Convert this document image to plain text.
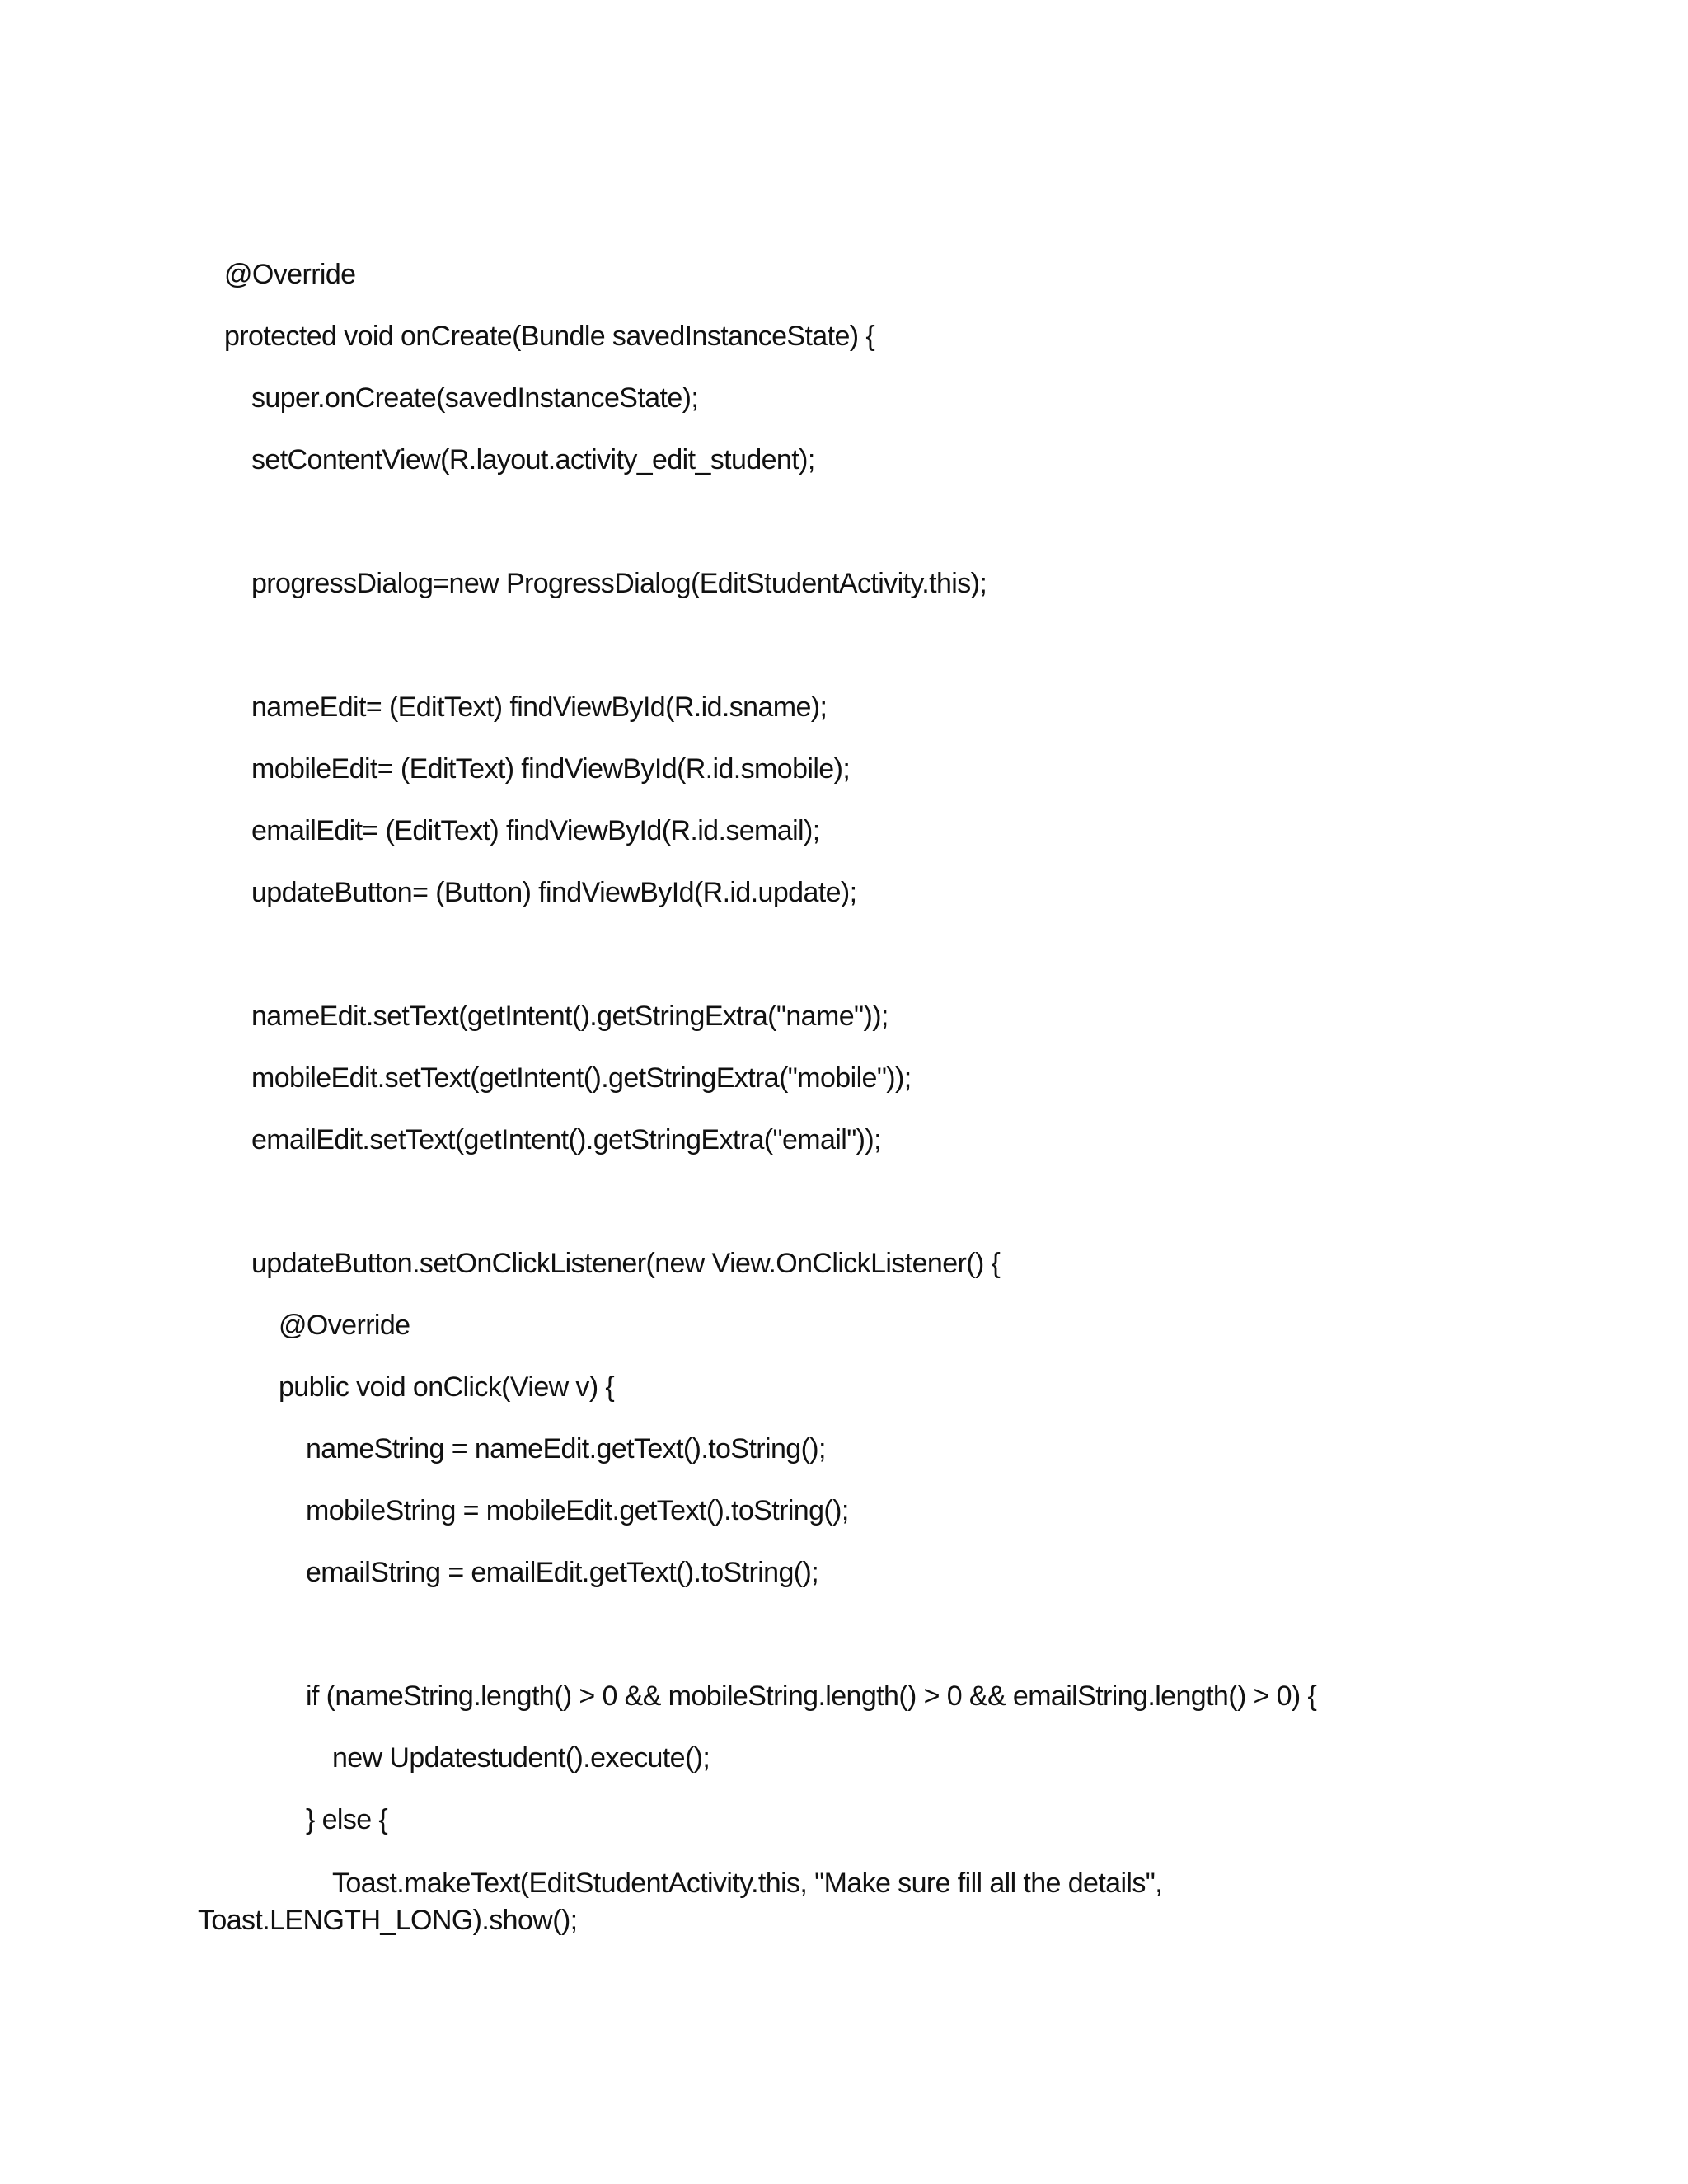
@Override

protected void onCreate(Bundle savedInstanceState) {

super.onCreate(savedInstanceState);

setContentView(R.layout.activity_edit_student);

progressDialog=new ProgressDialog(EditStudentActivity.this);

nameEdit= (EditText) findViewById(R.id.sname);

mobileEdit= (EditText) findViewById(R.id.smobile);

emailEdit= (EditText) findViewById(R.id.semail);

updateButton= (Button) findViewById(R.id.update);

nameEdit.setText(getIntent().getStringExtra("name"));

mobileEdit.setText(getIntent().getStringExtra("mobile"));

emailEdit.setText(getIntent().getStringExtra("email"));

updateButton.setOnClickListener(new View.OnClickListener() {

@Override

public void onClick(View v) {

nameString = nameEdit.getText().toString();

mobileString = mobileEdit.getText().toString();

emailString = emailEdit.getText().toString();

if (nameString.length() > 0 && mobileString.length() > 0 && emailString.length() > 0) {

new Updatestudent().execute();

} else {

Toast.makeText(EditStudentActivity.this, "Make sure fill all the details",

Toast.LENGTH_LONG).show();
